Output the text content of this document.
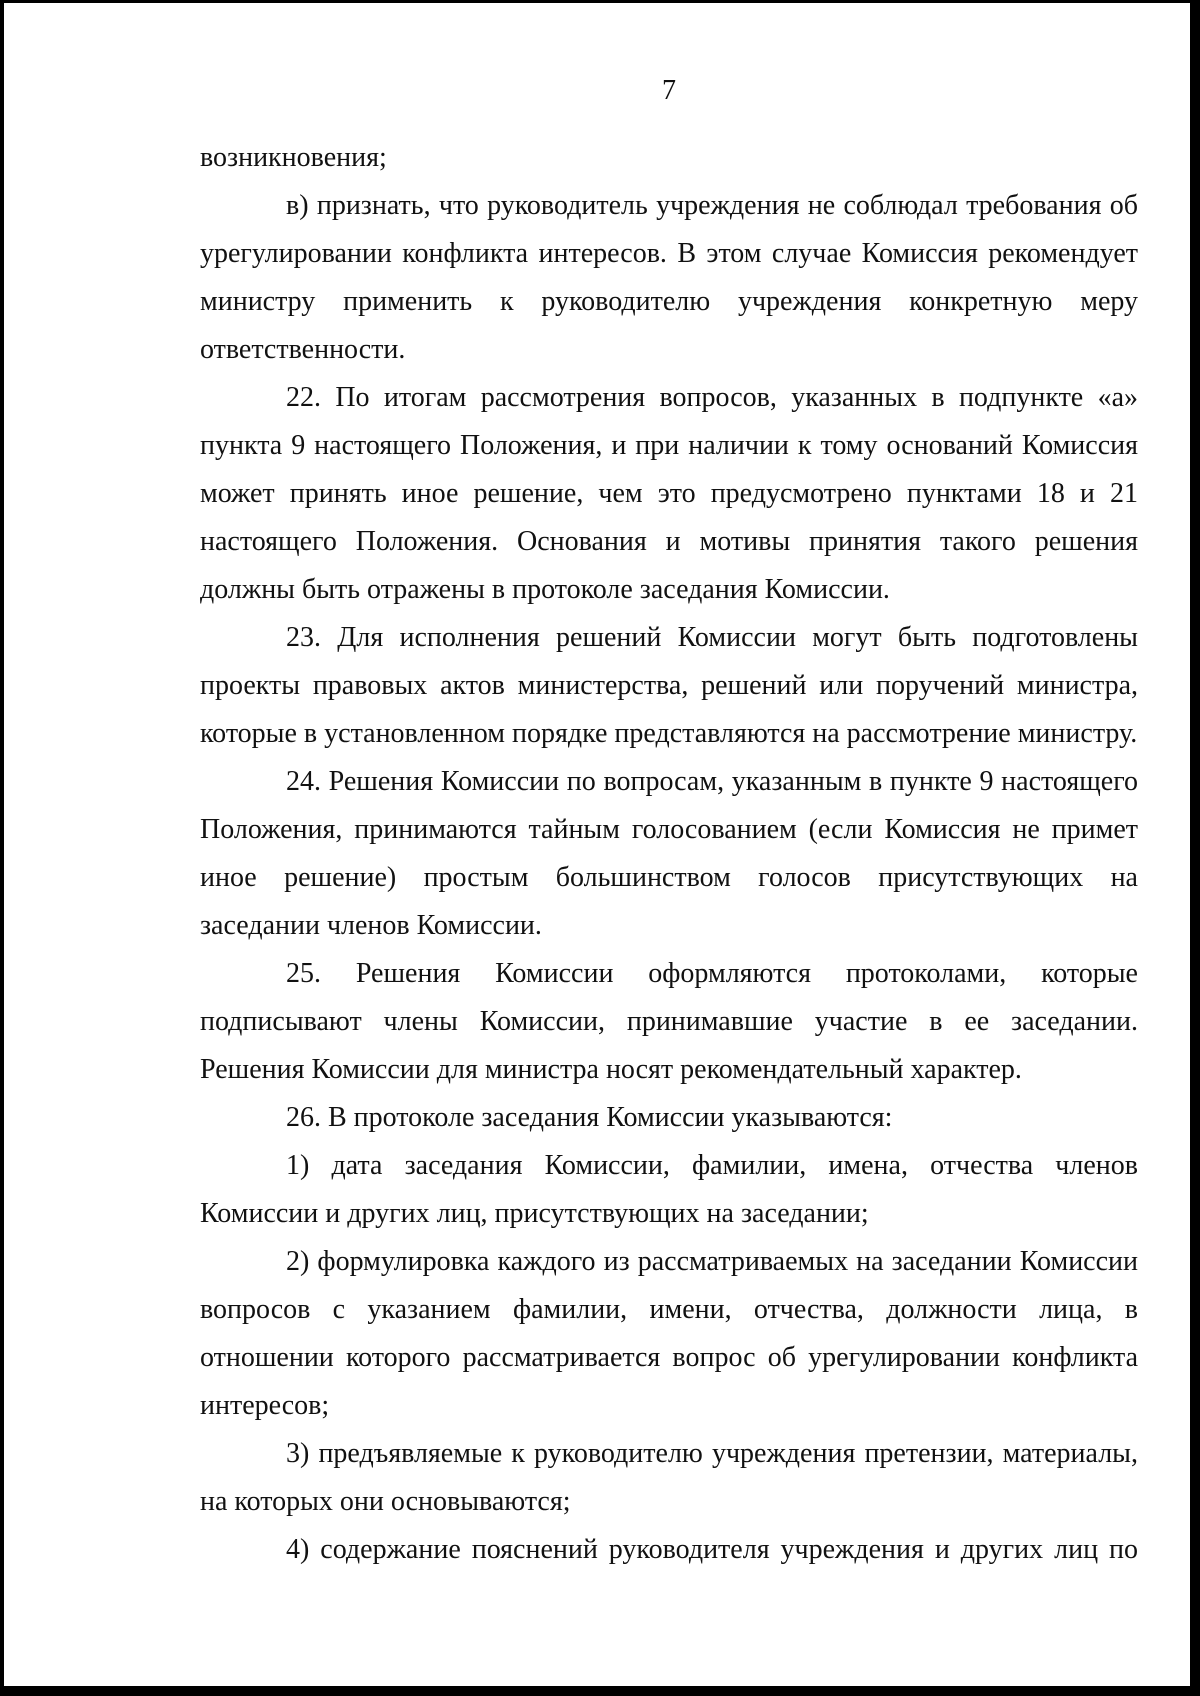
7

возникновения;

в) признать, что руководитель учреждения не соблюдал требования об урегулировании конфликта интересов. В этом случае Комиссия рекомендует министру применить к руководителю учреждения конкретную меру ответственности.

22. По итогам рассмотрения вопросов, указанных в подпункте «а» пункта 9 настоящего Положения, и при наличии к тому оснований Комиссия может принять иное решение, чем это предусмотрено пунктами 18 и 21 настоящего Положения. Основания и мотивы принятия такого решения должны быть отражены в протоколе заседания Комиссии.

23. Для исполнения решений Комиссии могут быть подготовлены проекты правовых актов министерства, решений или поручений министра, которые в установленном порядке представляются на рассмотрение министру.

24. Решения Комиссии по вопросам, указанным в пункте 9 настоящего Положения, принимаются тайным голосованием (если Комиссия не примет иное решение) простым большинством голосов присутствующих на заседании членов Комиссии.

25. Решения Комиссии оформляются протоколами, которые подписывают члены Комиссии, принимавшие участие в ее заседании. Решения Комиссии для министра носят рекомендательный характер.

26. В протоколе заседания Комиссии указываются:

1) дата заседания Комиссии, фамилии, имена, отчества членов Комиссии и других лиц, присутствующих на заседании;

2) формулировка каждого из рассматриваемых на заседании Комиссии вопросов с указанием фамилии, имени, отчества, должности лица, в отношении которого рассматривается вопрос об урегулировании конфликта интересов;

3) предъявляемые к руководителю учреждения претензии, материалы, на которых они основываются;

4) содержание пояснений руководителя учреждения и других лиц по
